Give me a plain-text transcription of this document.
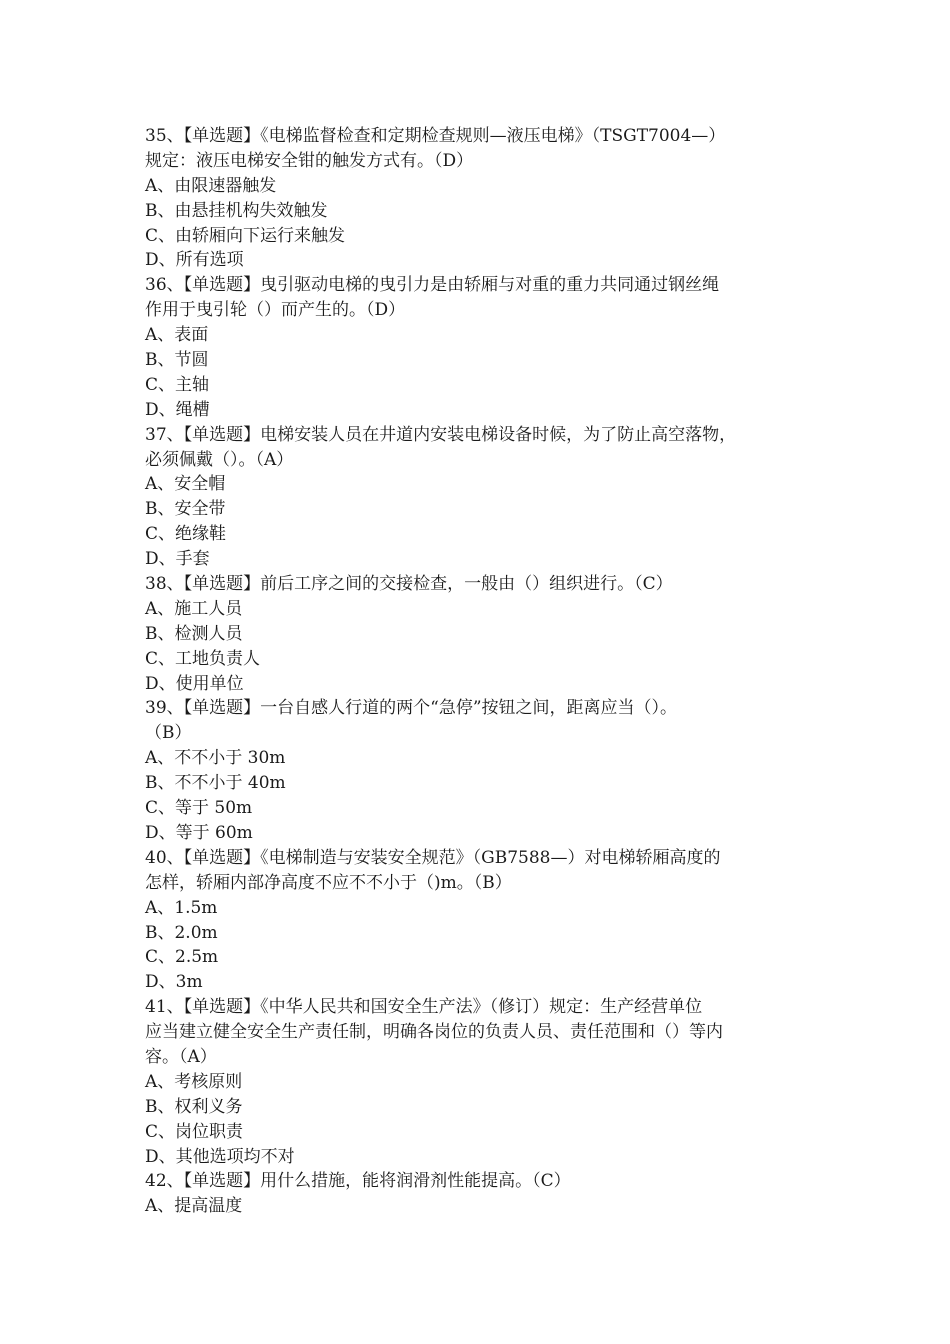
35、【单选题】《电梯监督检查和定期检查规则—液压电梯》（TSGT7004—）
规定：液压电梯安全钳的触发方式有。（D）
A、由限速器触发
B、由悬挂机构失效触发
C、由轿厢向下运行来触发
D、所有选项
36、【单选题】曳引驱动电梯的曳引力是由轿厢与对重的重力共同通过钢丝绳
作用于曳引轮（）而产生的。（D）
A、表面
B、节圆
C、主轴
D、绳槽
37、【单选题】电梯安装人员在井道内安装电梯设备时候，为了防止高空落物，
必须佩戴（）。（A）
A、安全帽
B、安全带
C、绝缘鞋
D、手套
38、【单选题】前后工序之间的交接检查，一般由（）组织进行。（C）
A、施工人员
B、检测人员
C、工地负责人
D、使用单位
39、【单选题】一台自感人行道的两个“急停”按钮之间，距离应当（）。
（B）
A、不不小于 30m
B、不不小于 40m
C、等于 50m
D、等于 60m
40、【单选题】《电梯制造与安装安全规范》（GB7588—）对电梯轿厢高度的
怎样，轿厢内部净高度不应不不小于（)m。（B）
A、1.5m
B、2.0m
C、2.5m
D、3m
41、【单选题】《中华人民共和国安全生产法》（修订）规定：生产经营单位
应当建立健全安全生产责任制，明确各岗位的负责人员、责任范围和（）等内
容。（A）
A、考核原则
B、权利义务
C、岗位职责
D、其他选项均不对
42、【单选题】用什么措施，能将润滑剂性能提高。（C）
A、提高温度
